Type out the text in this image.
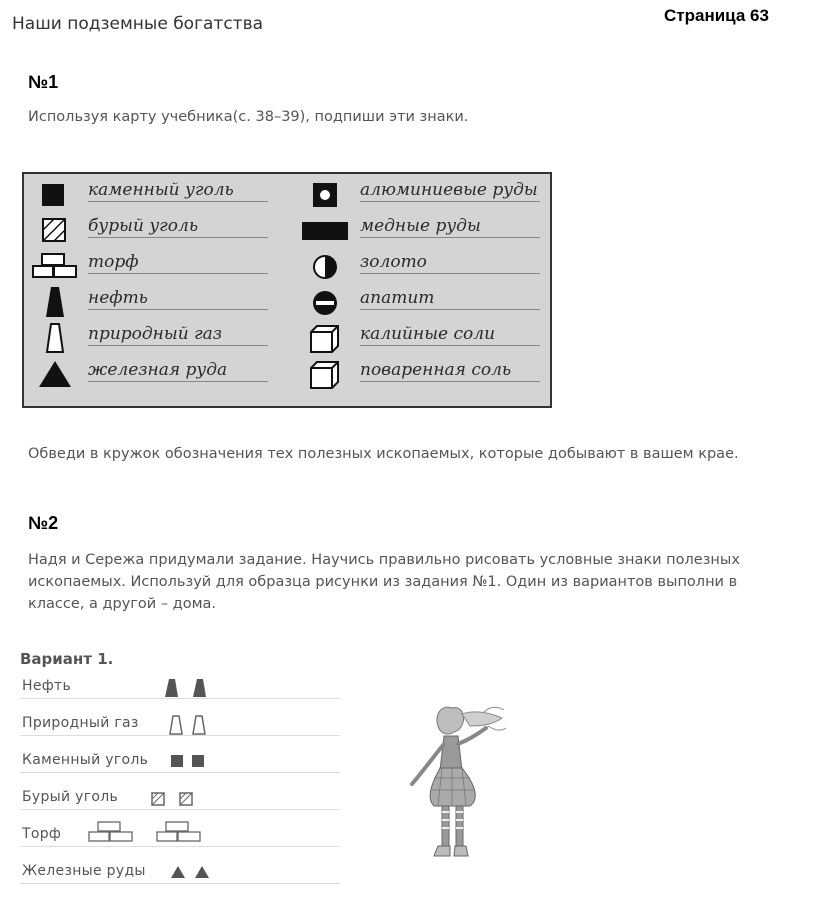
Наши подземные богатства	Страница 63
№1
Используя карту учебника(с. 38–39), подпиши эти знаки.
каменный уголь
бурый уголь
торф
нефть
природный газ
железная руда
алюминиевые руды
медные руды
золото
апатит
калийные соли
поваренная соль
Обведи в кружок обозначения тех полезных ископаемых, которые добывают в вашем крае.
№2
Надя и Сережа придумали задание. Научись правильно рисовать условные знаки полезных ископаемых. Используй для образца рисунки из задания №1. Один из вариантов выполни в классе, а другой – дома.
Вариант 1.
Нефть
Природный газ
Каменный уголь
Бурый уголь
Торф
Железные руды
